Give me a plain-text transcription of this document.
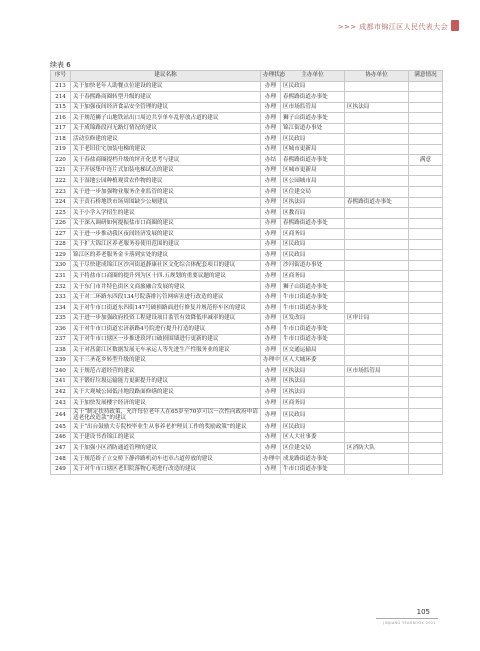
>>> 成都市锦江区人民代表大会
续表 6
序号	建议名称	办理状态	主办单位	协办单位	满意情况
213	关于加快老年人助餐点位建设的建议	办理	区民政局		
214	关于春熙路商圈转型升级的建议	办理	春熙路街道办事处		
215	关于加强夜间经济食品安全管理的建议	办理	区市场监管局	区执法局	
216	关于规范狮子山地铁站出口周边共享单车乱停放占道的建议	办理	狮子山街道办事处		
217	关于成锦路段河无路灯情况的建议	办理	锦江街道办事处		
218	活动室修建的建议	办理	区民政局		
219	关于老旧住宅加装电梯的建议	办理	区城市更新局		
220	关于春盐商圈提档升级的坪开化思考与建议	办结	春熙路街道办事处		满意
221	关于开展集中连片式加装电梯试点的建议	办理	区城市更新局		
222	关于湿地公园种植观赏农作物的建议	办理	区公园城市局		
223	关于进一步加强物业服务企业监管的建议	办理	区住建交局		
224	关于责石桥地铁市场周围缺少公厕建议	办理	区执法局	春熙路街道办事处	
225	关于小学入学招生的建议	办理	区教育局		
226	关于深入调研如何提振盐市口商圈的建议	办理	春熙路街道办事处		
227	关于进一步推动我区夜间经济发展的建议	办理	区商务局		
228	关于扩大锦江区养老服务券使用范围的建议	办理	区民政局		
229	锦江区的养老服务金卡落到实处的建议	办理	区民政局		
230	关于尽快建成锦江区沙河街道静康社区文化综合体配套项目的建议	办理	沙河街道办事处		
231	关于将盐市口商圈的提升列为区十四.五规划的重要议题的建议	办理	区商务局		
232	关于东门市井特色街区文商旅融合发展的建议	办理	狮子山街道办事处		
233	关于对二环路东四段134号院落排污管网病害进行改造的建议	办理	牛市口街道办事处		
234	关于对牛市口街道东四街147号破损路面进行修复并规范停车区的建议	办理	牛市口街道办事处		
235	关于进一步加强政府投资工程建设项目监管有效降低审减率的建议	办理	区发改局	区审计局	
236	关于对牛市口街道宏济新路4号院进行提升打造的建议	办理	牛市口街道办事处		
237	关于对牛市口辖区一步推进玖坪口破损围墙进行更新的建议	办理	牛市口街道办事处		
238	关于对菖蒲江区数据发展无车承运人等先进生产性服务业的建议	办理	区交通运输局		
239	关于三圣花乡转型升级的建议	办理中	区人大城环委		
240	关于规范占道经营的建议	办理	区执法局	区市场监管局	
241	关于锻好垃圾运输能力更新提升的建议	办理	区执法局		
242	关于大观城公园低洼地段路面修缮的建议	办理	区执法局		
243	关于加快发展楼宇经济的建议	办理	区商务局		
244	关于“制定扶持政策，允许每位老年人在65岁至70岁可以一次性向政府申请适老化改造款”的建议	办理	区民政局		
245	关于“出台鼓励大专院校毕业生从事养老护理员工作的奖励政策”的建议	办理	区民政局		
246	关于建设书香锦江的建议	办理	区人大社事委		
247	关于加强小区消防通道管理的建议	办理	区住建交局	区消防大队	
248	关于规范娇子立交桥下静祥路机动车违章占道停放的建议	办理中	成龙路街道办事处		
249	关于对牛市口辖区老旧院落物心苑进行改造的建议	办理	牛市口街道办事处		
105
JINJIANG YEARBOOK 2021
